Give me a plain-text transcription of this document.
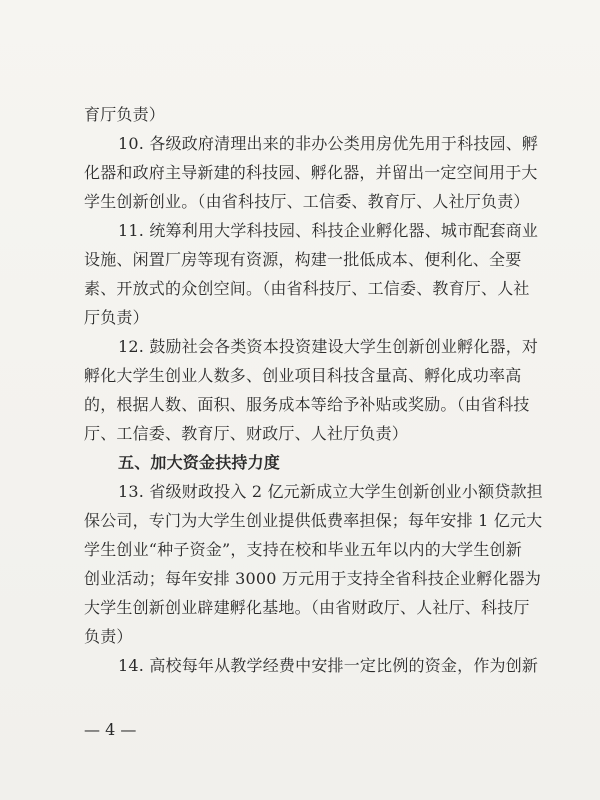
育厅负责）
10. 各级政府清理出来的非办公类用房优先用于科技园、孵
化器和政府主导新建的科技园、孵化器，并留出一定空间用于大
学生创新创业。（由省科技厅、工信委、教育厅、人社厅负责）
11. 统筹利用大学科技园、科技企业孵化器、城市配套商业
设施、闲置厂房等现有资源，构建一批低成本、便利化、全要
素、开放式的众创空间。（由省科技厅、工信委、教育厅、人社
厅负责）
12. 鼓励社会各类资本投资建设大学生创新创业孵化器，对
孵化大学生创业人数多、创业项目科技含量高、孵化成功率高
的，根据人数、面积、服务成本等给予补贴或奖励。（由省科技
厅、工信委、教育厅、财政厅、人社厅负责）
五、加大资金扶持力度
13. 省级财政投入 2 亿元新成立大学生创新创业小额贷款担
保公司，专门为大学生创业提供低费率担保；每年安排 1 亿元大
学生创业“种子资金”，支持在校和毕业五年以内的大学生创新
创业活动；每年安排 3000 万元用于支持全省科技企业孵化器为
大学生创新创业辟建孵化基地。（由省财政厅、人社厅、科技厅
负责）
14. 高校每年从教学经费中安排一定比例的资金，作为创新
— 4 —
